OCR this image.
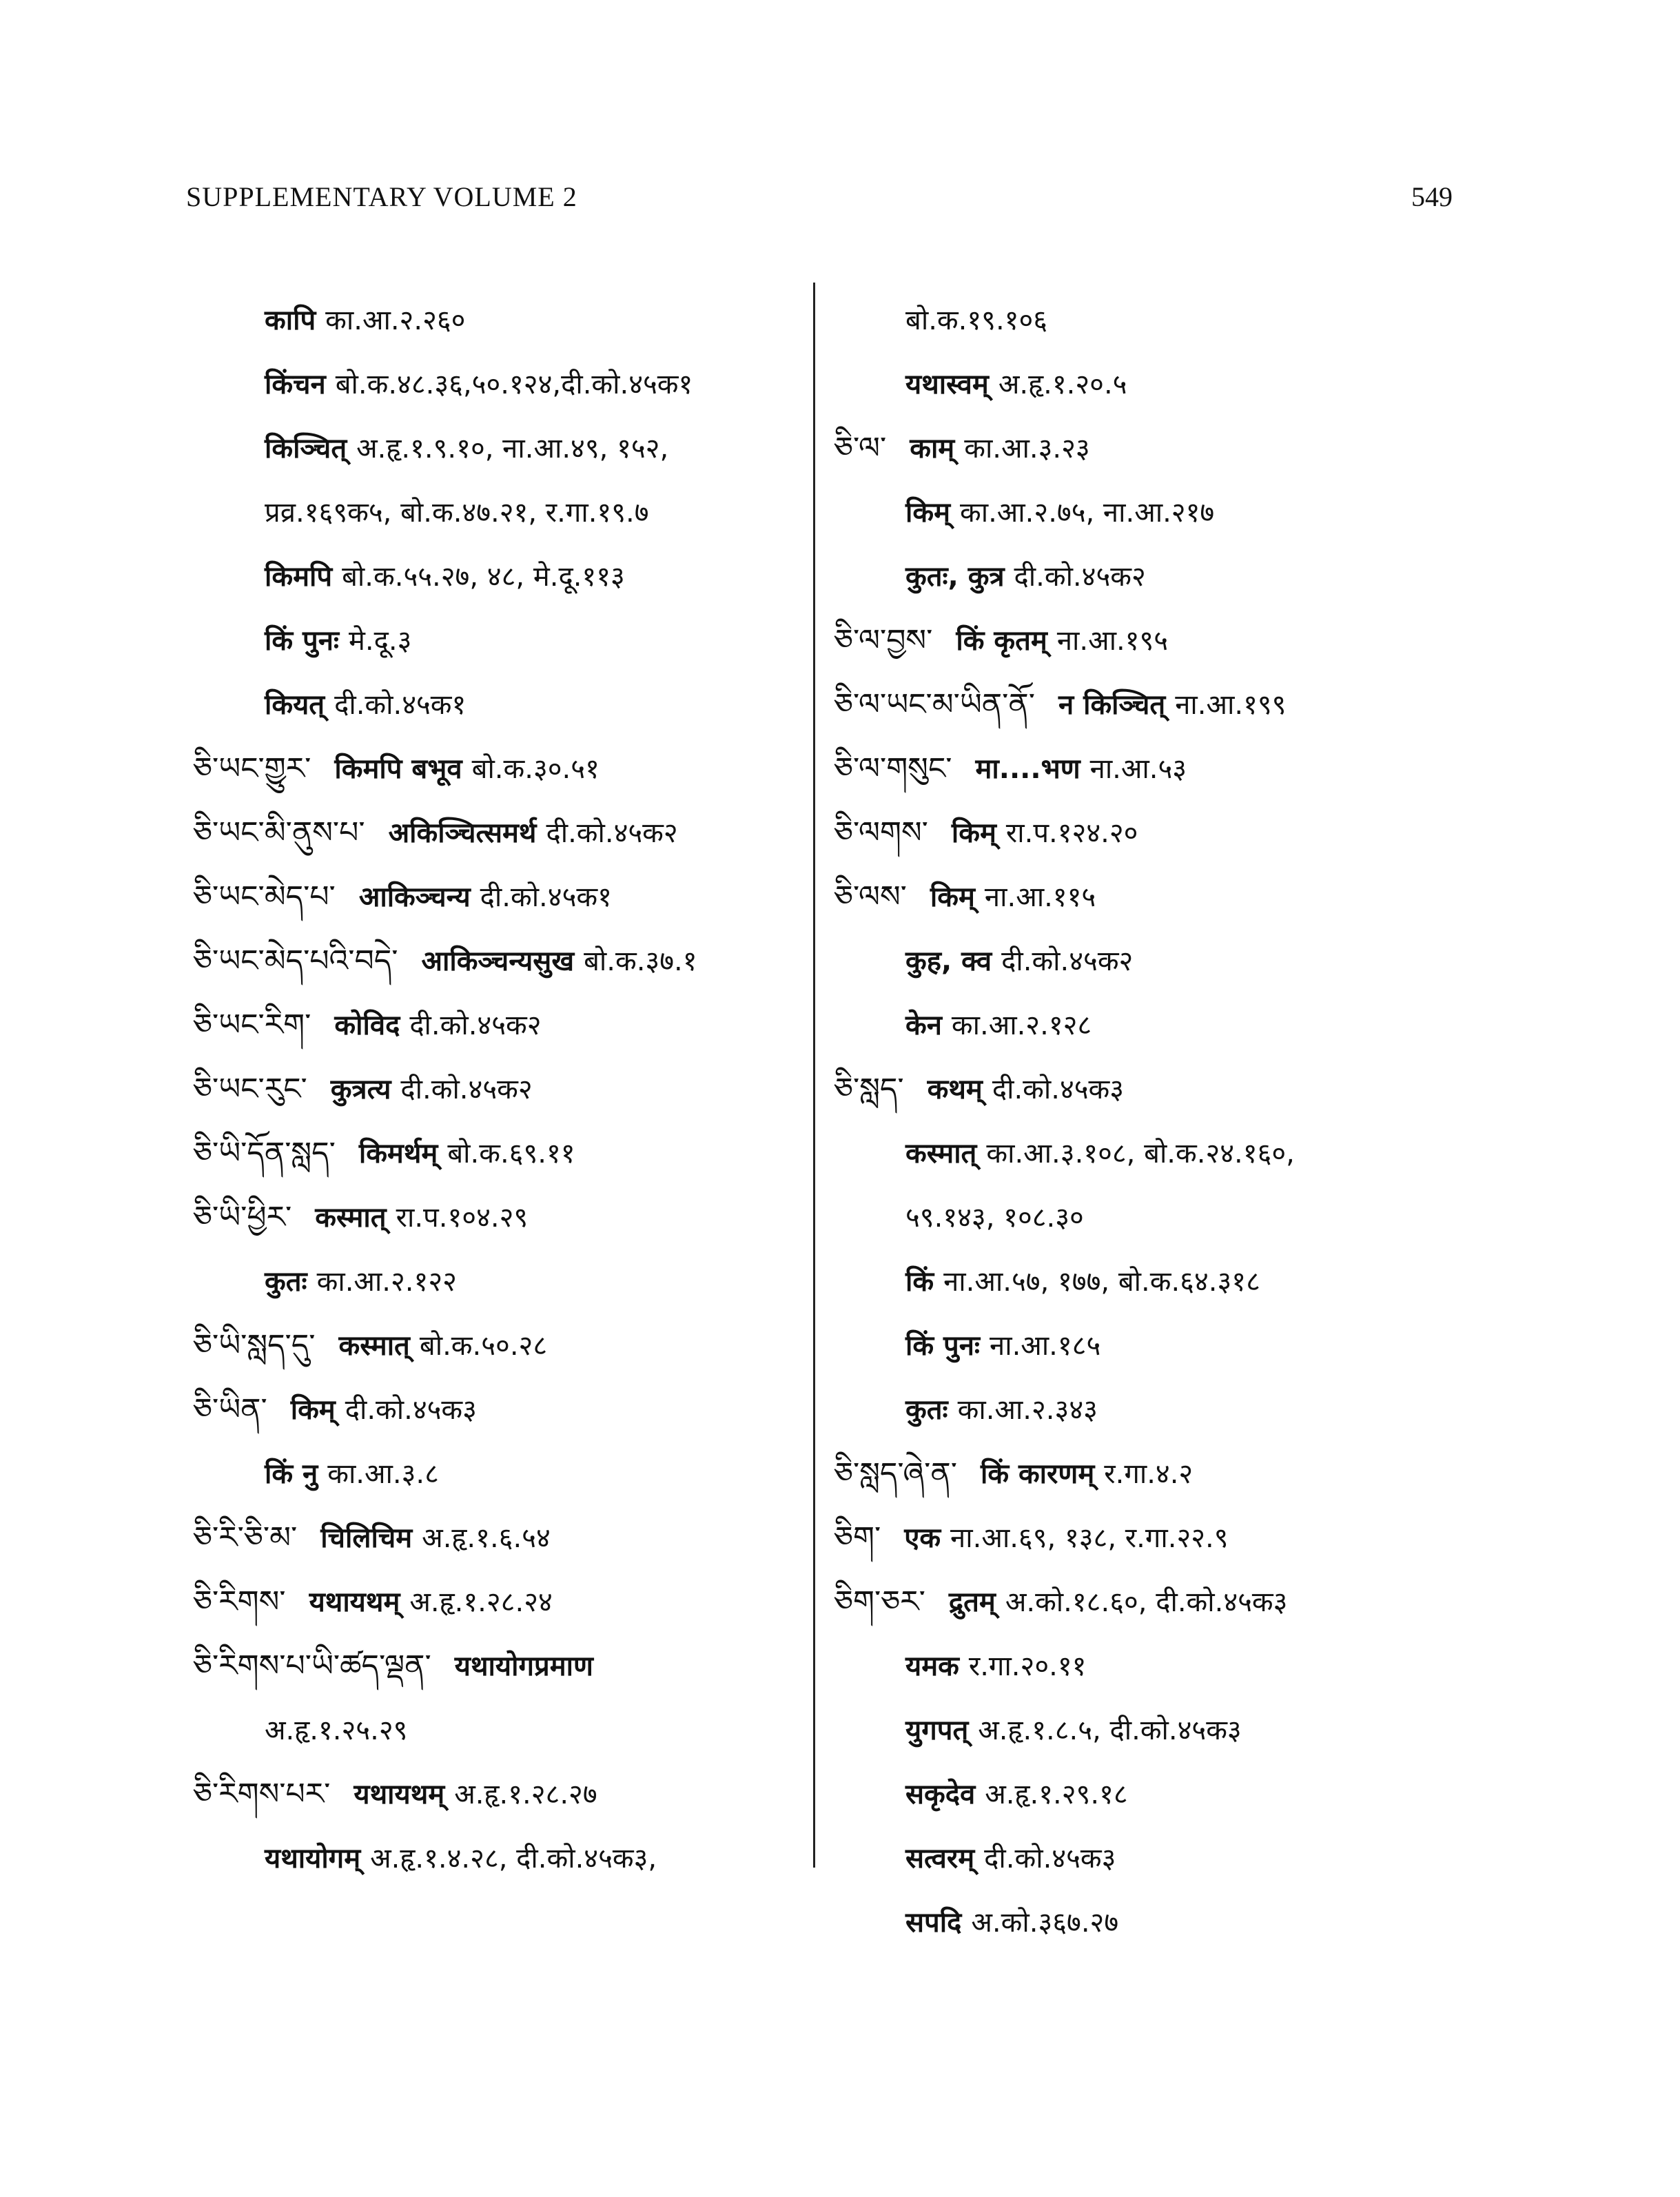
SUPPLEMENTARY VOLUME 2	549
कापि का.आ.२.२६०
किंचन बो.क.४८.३६,५०.१२४,दी.को.४५क१
किञ्चित् अ.हृ.१.९.१०, ना.आ.४९, १५२,
प्रव्र.१६९क५, बो.क.४७.२१, र.गा.१९.७
किमपि बो.क.५५.२७, ४८, मे.दू.११३
किं पुनः मे.दू.३
कियत् दी.को.४५क१
ཅི་ཡང་གྱུར་ किमपि बभूव बो.क.३०.५१
ཅི་ཡང་མི་ནུས་པ་ अकिञ्चित्समर्थ दी.को.४५क२
ཅི་ཡང་མེད་པ་ आकिञ्चन्य दी.को.४५क१
ཅི་ཡང་མེད་པའི་བདེ་ आकिञ्चन्यसुख बो.क.३७.१
ཅི་ཡང་རིག་ कोविद दी.को.४५क२
ཅི་ཡང་རུང་ कुत्रत्य दी.को.४५क२
ཅི་ཡི་དོན་སླད་ किमर्थम् बो.क.६९.११
ཅི་ཡི་ཕྱིར་ कस्मात् रा.प.१०४.२९
कुतः का.आ.२.१२२
ཅི་ཡི་སླད་དུ་ कस्मात् बो.क.५०.२८
ཅི་ཡིན་ किम् दी.को.४५क३
किं नु का.आ.३.८
ཅི་རི་ཅི་མ་ चिलिचिम अ.हृ.१.६.५४
ཅི་རིགས་ यथायथम् अ.हृ.१.२८.२४
ཅི་རིགས་པ་ཡི་ཚད་ལྡན་ यथायोगप्रमाण
अ.हृ.१.२५.२९
ཅི་རིགས་པར་ यथायथम् अ.हृ.१.२८.२७
यथायोगम् अ.हृ.१.४.२८, दी.को.४५क३,
बो.क.१९.१०६
यथास्वम् अ.हृ.१.२०.५
ཅི་ལ་ काम् का.आ.३.२३
किम् का.आ.२.७५, ना.आ.२१७
कुतः, कुत्र दी.को.४५क२
ཅི་ལ་བྱས་ किं कृतम् ना.आ.१९५
ཅི་ལ་ཡང་མ་ཡིན་ནོ་ न किञ्चित् ना.आ.१९९
ཅི་ལ་གསུང་ मा....भण ना.आ.५३
ཅི་ལགས་ किम् रा.प.१२४.२०
ཅི་ལས་ किम् ना.आ.११५
कुह, क्व दी.को.४५क२
केन का.आ.२.१२८
ཅི་སླད་ कथम् दी.को.४५क३
कस्मात् का.आ.३.१०८, बो.क.२४.१६०,
५९.१४३, १०८.३०
किं ना.आ.५७, १७७, बो.क.६४.३१८
किं पुनः ना.आ.१८५
कुतः का.आ.२.३४३
ཅི་སླད་ཞེ་ན་ किं कारणम् र.गा.४.२
ཅིག་ एक ना.आ.६९, १३८, र.गा.२२.९
ཅིག་ཅར་ द्रुतम् अ.को.१८.६०, दी.को.४५क३
यमक र.गा.२०.११
युगपत् अ.हृ.१.८.५, दी.को.४५क३
सकृदेव अ.हृ.१.२९.१८
सत्वरम् दी.को.४५क३
सपदि अ.को.३६७.२७
